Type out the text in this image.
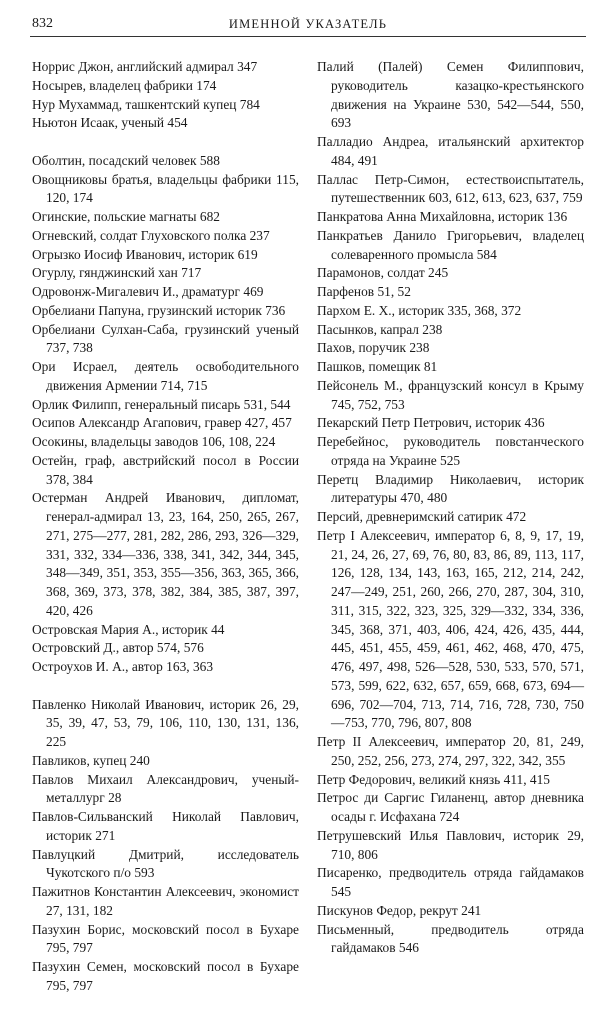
832	ИМЕННОЙ УКАЗАТЕЛЬ
Норрис Джон, английский адмирал 347
Носырев, владелец фабрики 174
Нур Мухаммад, ташкентский купец 784
Ньютон Исаак, ученый 454
Оболтин, посадский человек 588
Овощниковы братья, владельцы фабрики 115, 120, 174
Огинские, польские магнаты 682
Огневский, солдат Глуховского полка 237
Огрызко Иосиф Иванович, историк 619
Огурлу, гянджинский хан 717
Одровонж-Мигалевич И., драматург 469
Орбелиани Папуна, грузинский историк 736
Орбелиани Сулхан-Саба, грузинский ученый 737, 738
Ори Исраел, деятель освободительного движения Армении 714, 715
Орлик Филипп, генеральный писарь 531, 544
Осипов Александр Агапович, гравер 427, 457
Осокины, владельцы заводов 106, 108, 224
Остейн, граф, австрийский посол в России 378, 384
Остерман Андрей Иванович, дипломат, генерал-адмирал 13, 23, 164, 250, 265, 267, 271, 275—277, 281, 282, 286, 293, 326—329, 331, 332, 334—336, 338, 341, 342, 344, 345, 348—349, 351, 353, 355—356, 363, 365, 366, 368, 369, 373, 378, 382, 384, 385, 387, 397, 420, 426
Островская Мария А., историк 44
Островский Д., автор 574, 576
Остроухов И. А., автор 163, 363
Павленко Николай Иванович, историк 26, 29, 35, 39, 47, 53, 79, 106, 110, 130, 131, 136, 225
Павликов, купец 240
Павлов Михаил Александрович, ученый-металлург 28
Павлов-Сильванский Николай Павлович, историк 271
Павлуцкий Дмитрий, исследователь Чукотского п/о 593
Пажитнов Константин Алексеевич, экономист 27, 131, 182
Пазухин Борис, московский посол в Бухаре 795, 797
Пазухин Семен, московский посол в Бухаре 795, 797
Палий (Палей) Семен Филиппович, руководитель казацко-крестьянского движения на Украине 530, 542—544, 550, 693
Палладио Андреа, итальянский архитектор 484, 491
Паллас Петр-Симон, естествоиспытатель, путешественник 603, 612, 613, 623, 637, 759
Панкратова Анна Михайловна, историк 136
Панкратьев Данило Григорьевич, владелец солеваренного промысла 584
Парамонов, солдат 245
Парфенов 51, 52
Пархом Е. Х., историк 335, 368, 372
Пасынков, капрал 238
Пахов, поручик 238
Пашков, помещик 81
Пейсонель М., французский консул в Крыму 745, 752, 753
Пекарский Петр Петрович, историк 436
Перебейнос, руководитель повстанческого отряда на Украине 525
Перетц Владимир Николаевич, историк литературы 470, 480
Персий, древнеримский сатирик 472
Петр I Алексеевич, император 6, 8, 9, 17, 19, 21, 24, 26, 27, 69, 76, 80, 83, 86, 89, 113, 117, 126, 128, 134, 143, 163, 165, 212, 214, 242, 247—249, 251, 260, 266, 270, 287, 304, 310, 311, 315, 322, 323, 325, 329—332, 334, 336, 345, 368, 371, 403, 406, 424, 426, 435, 444, 445, 451, 455, 459, 461, 462, 468, 470, 475, 476, 497, 498, 526—528, 530, 533, 570, 571, 573, 599, 622, 632, 657, 659, 668, 673, 694—696, 702—704, 713, 714, 716, 728, 730, 750—753, 770, 796, 807, 808
Петр II Алексеевич, император 20, 81, 249, 250, 252, 256, 273, 274, 297, 322, 342, 355
Петр Федорович, великий князь 411, 415
Петрос ди Саргис Гиланенц, автор дневника осады г. Исфахана 724
Петрушевский Илья Павлович, историк 29, 710, 806
Писаренко, предводитель отряда гайдамаков 545
Пискунов Федор, рекрут 241
Письменный, предводитель отряда гайдамаков 546
